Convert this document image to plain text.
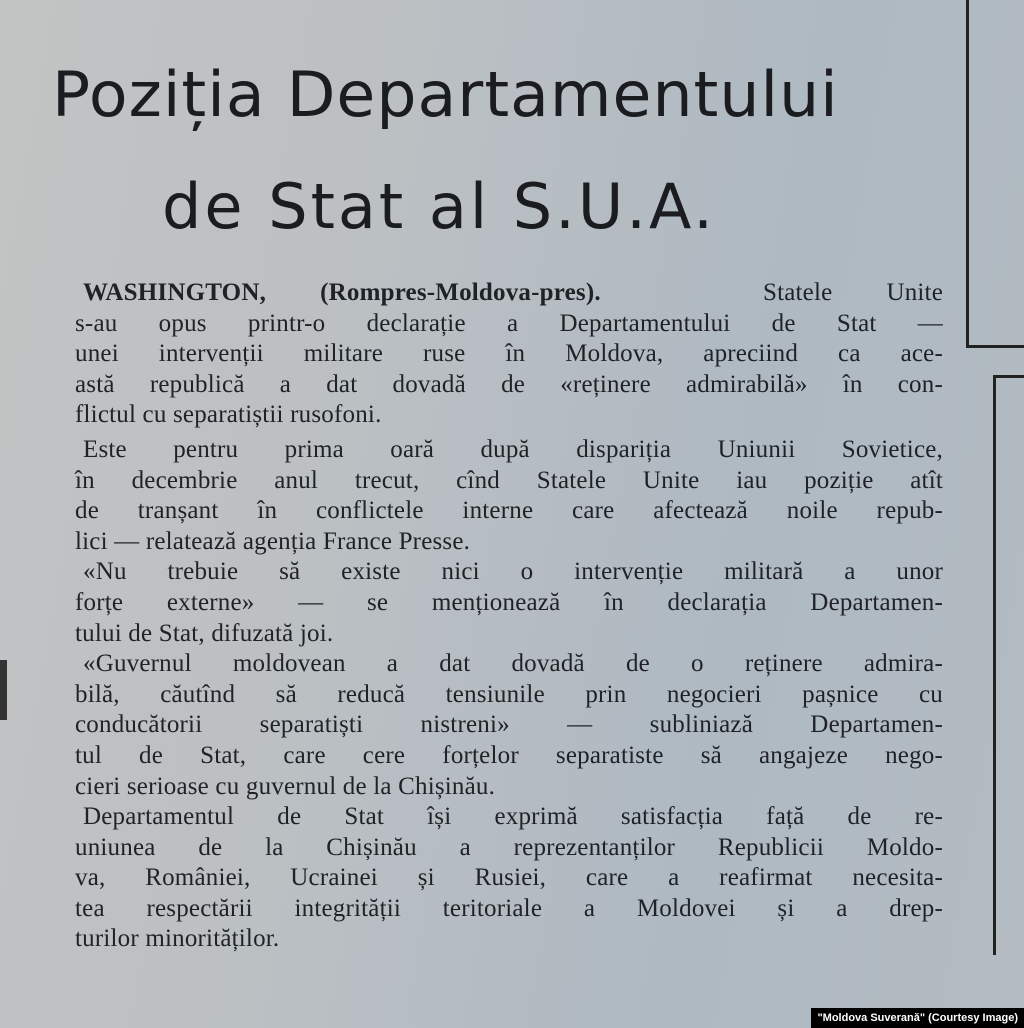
Poziția Departamentului
de Stat al S.U.A.
WASHINGTON, (Rompres-Moldova-pres).	Statele Unite
s-au opus printr-o declarație a Departamentului de Stat —
unei intervenții militare ruse în Moldova, apreciind ca ace-
astă republică a dat dovadă de «reținere admirabilă» în con-
flictul cu separatiștii rusofoni.
Este pentru prima oară după dispariția Uniunii Sovietice,
în decembrie anul trecut, cînd Statele Unite iau poziție atît
de tranșant în conflictele interne care afectează noile repub-
lici — relatează agenția France Presse.
«Nu trebuie să existe nici o intervenție militară a unor
forțe externe» — se menționează în declarația Departamen-
tului de Stat, difuzată joi.
«Guvernul moldovean a dat dovadă de o reținere admira-
bilă, căutînd să reducă tensiunile prin negocieri pașnice cu
conducătorii separatiști nistreni» — subliniază Departamen-
tul de Stat, care cere forțelor separatiste să angajeze nego-
cieri serioase cu guvernul de la Chișinău.
Departamentul de Stat își exprimă satisfacția față de re-
uniunea de la Chișinău a reprezentanților Republicii Moldo-
va, României, Ucrainei și Rusiei, care a reafirmat necesita-
tea respectării integrității teritoriale a Moldovei și a drep-
turilor minorităților.
"Moldova Suverană" (Courtesy Image)
